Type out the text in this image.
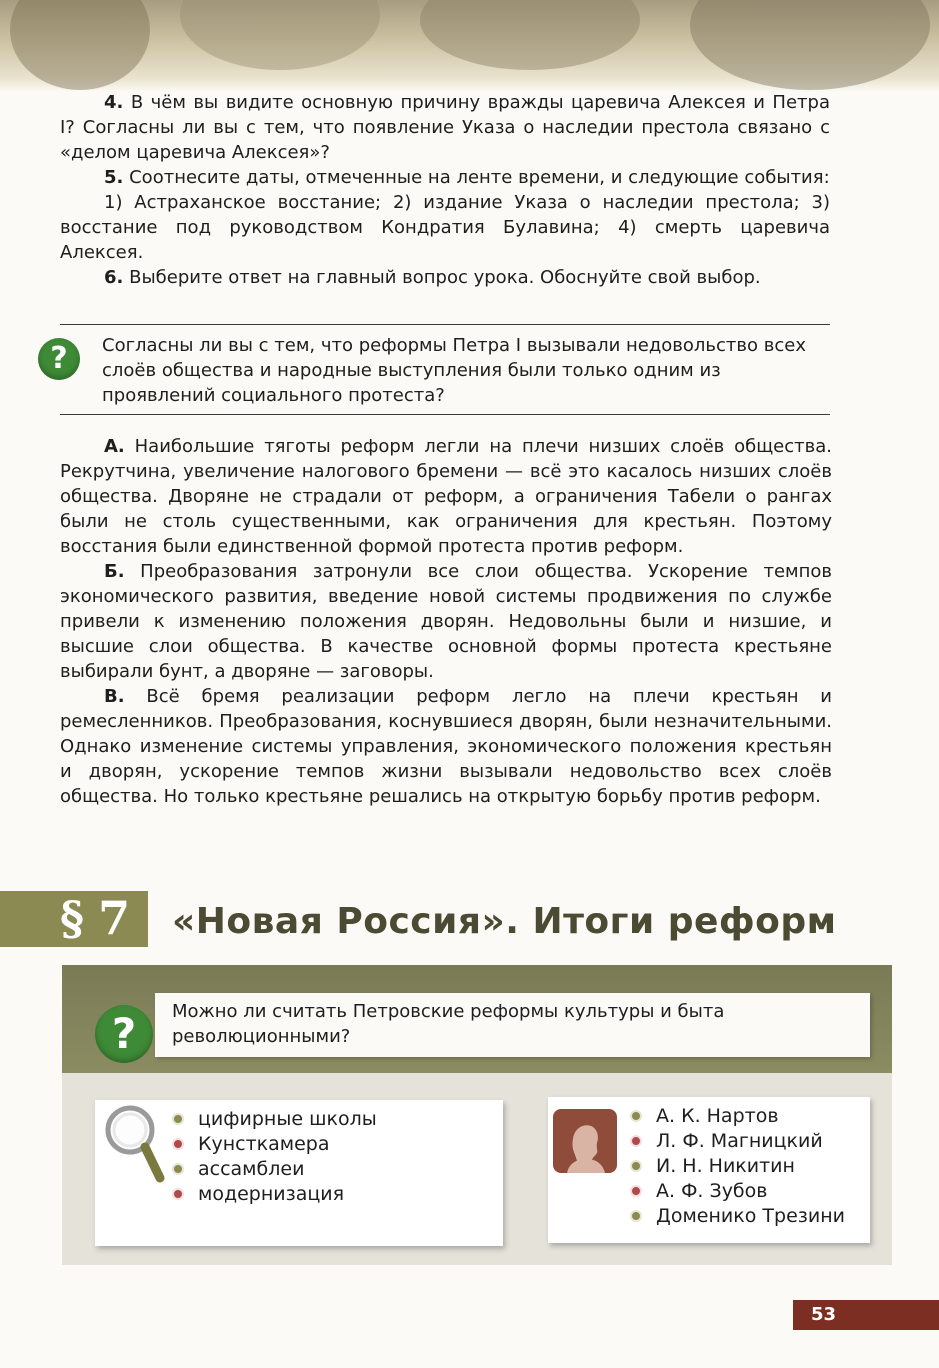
4. В чём вы видите основную причину вражды царевича Алексея и Петра I? Согласны ли вы с тем, что появление Указа о наследии престола связано с «делом царевича Алексея»?

5. Соотнесите даты, отмеченные на ленте времени, и следующие события:

1) Астраханское восстание; 2) издание Указа о наследии престола; 3) восстание под руководством Кондратия Булавина; 4) смерть царевича Алексея.

6. Выберите ответ на главный вопрос урока. Обоснуйте свой выбор.

?	Согласны ли вы с тем, что реформы Петра I вызывали недовольство всех слоёв общества и народные выступления были только одним из проявлений социального протеста?

А. Наибольшие тяготы реформ легли на плечи низших слоёв общества. Рекрутчина, увеличение налогового бремени — всё это касалось низших слоёв общества. Дворяне не страдали от реформ, а ограничения Табели о рангах были не столь существенными, как ограничения для крестьян. Поэтому восстания были единственной формой протеста против реформ.

Б. Преобразования затронули все слои общества. Ускорение темпов экономического развития, введение новой системы продвижения по службе привели к изменению положения дворян. Недовольны были и низшие, и высшие слои общества. В качестве основной формы протеста крестьяне выбирали бунт, а дворяне — заговоры.

В. Всё бремя реализации реформ легло на плечи крестьян и ремесленников. Преобразования, коснувшиеся дворян, были незначительными. Однако изменение системы управления, экономического положения крестьян и дворян, ускорение темпов жизни вызывали недовольство всех слоёв общества. Но только крестьяне решались на открытую борьбу против реформ.

§ 7 «Новая Россия». Итоги реформ
?	Можно ли считать Петровские реформы культуры и быта революционными?
цифирные школы
Кунсткамера
ассамблеи
модернизация
А. К. Нартов
Л. Ф. Магницкий
И. Н. Никитин
А. Ф. Зубов
Доменико Трезини
53
